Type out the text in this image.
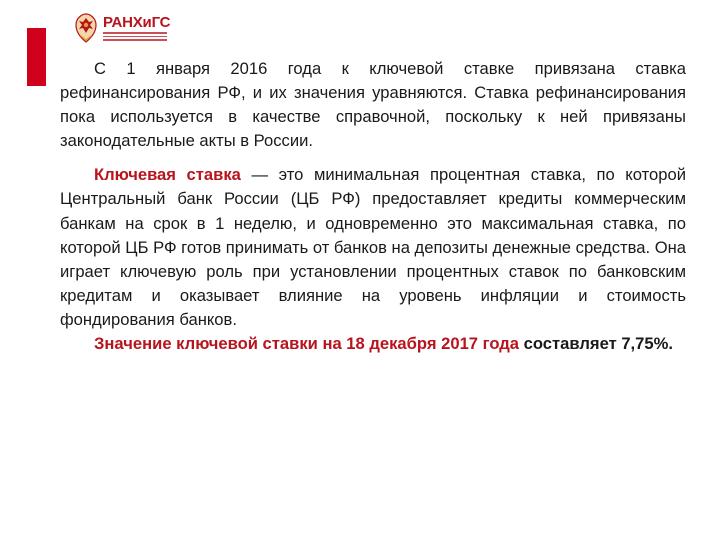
РАНХиГС

С 1 января 2016 года к ключевой ставке привязана ставка рефинансирования РФ, и их значения уравняются. Ставка рефинансирования пока используется в качестве справочной, поскольку к ней привязаны законодательные акты в России.

Ключевая ставка — это минимальная процентная ставка, по которой Центральный банк России (ЦБ РФ) предоставляет кредиты коммерческим банкам на срок в 1 неделю, и одновременно это максимальная ставка, по которой ЦБ РФ готов принимать от банков на депозиты денежные средства. Она играет ключевую роль при установлении процентных ставок по банковским кредитам и оказывает влияние на уровень инфляции и стоимость фондирования банков.

Значение ключевой ставки на 18 декабря 2017 года составляет 7,75%.
